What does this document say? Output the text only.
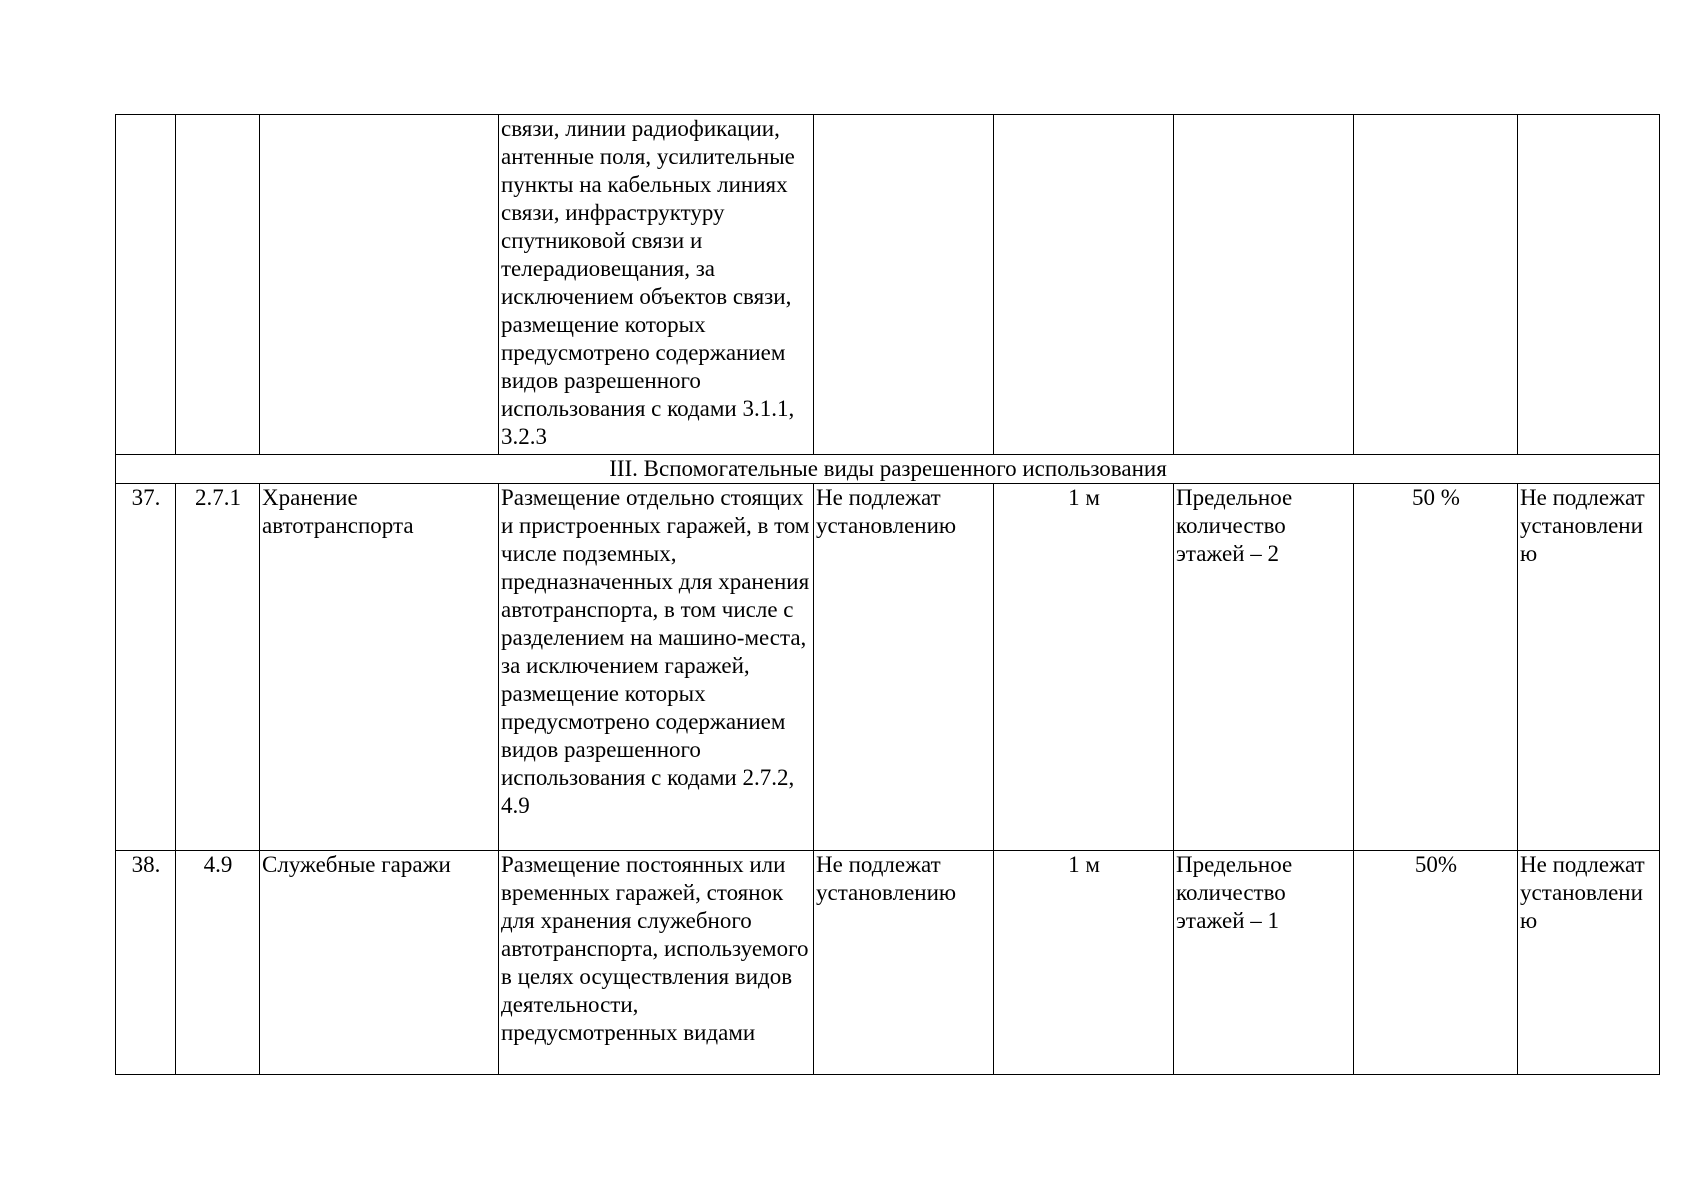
			связи, линии радиофикации, антенные поля, усилительные пункты на кабельных линиях связи, инфраструктуру спутниковой связи и телерадиовещания, за исключением объектов связи, размещение которых предусмотрено содержанием видов разрешенного использования с кодами 3.1.1, 3.2.3					
III. Вспомогательные виды разрешенного использования								
37.	2.7.1	Хранение автотранспорта	Размещение отдельно стоящих и пристроенных гаражей, в том числе подземных, предназначенных для хранения автотранспорта, в том числе с разделением на машино-места, за исключением гаражей, размещение которых предусмотрено содержанием видов разрешенного использования с кодами 2.7.2, 4.9	Не подлежат установлению	1 м	Предельное количество этажей – 2	50 %	Не подлежат установлени ю
38.	4.9	Служебные гаражи	Размещение постоянных или временных гаражей, стоянок для хранения служебного автотранспорта, используемого в целях осуществления видов деятельности, предусмотренных видами	Не подлежат установлению	1 м	Предельное количество этажей – 1	50%	Не подлежат установлени ю
